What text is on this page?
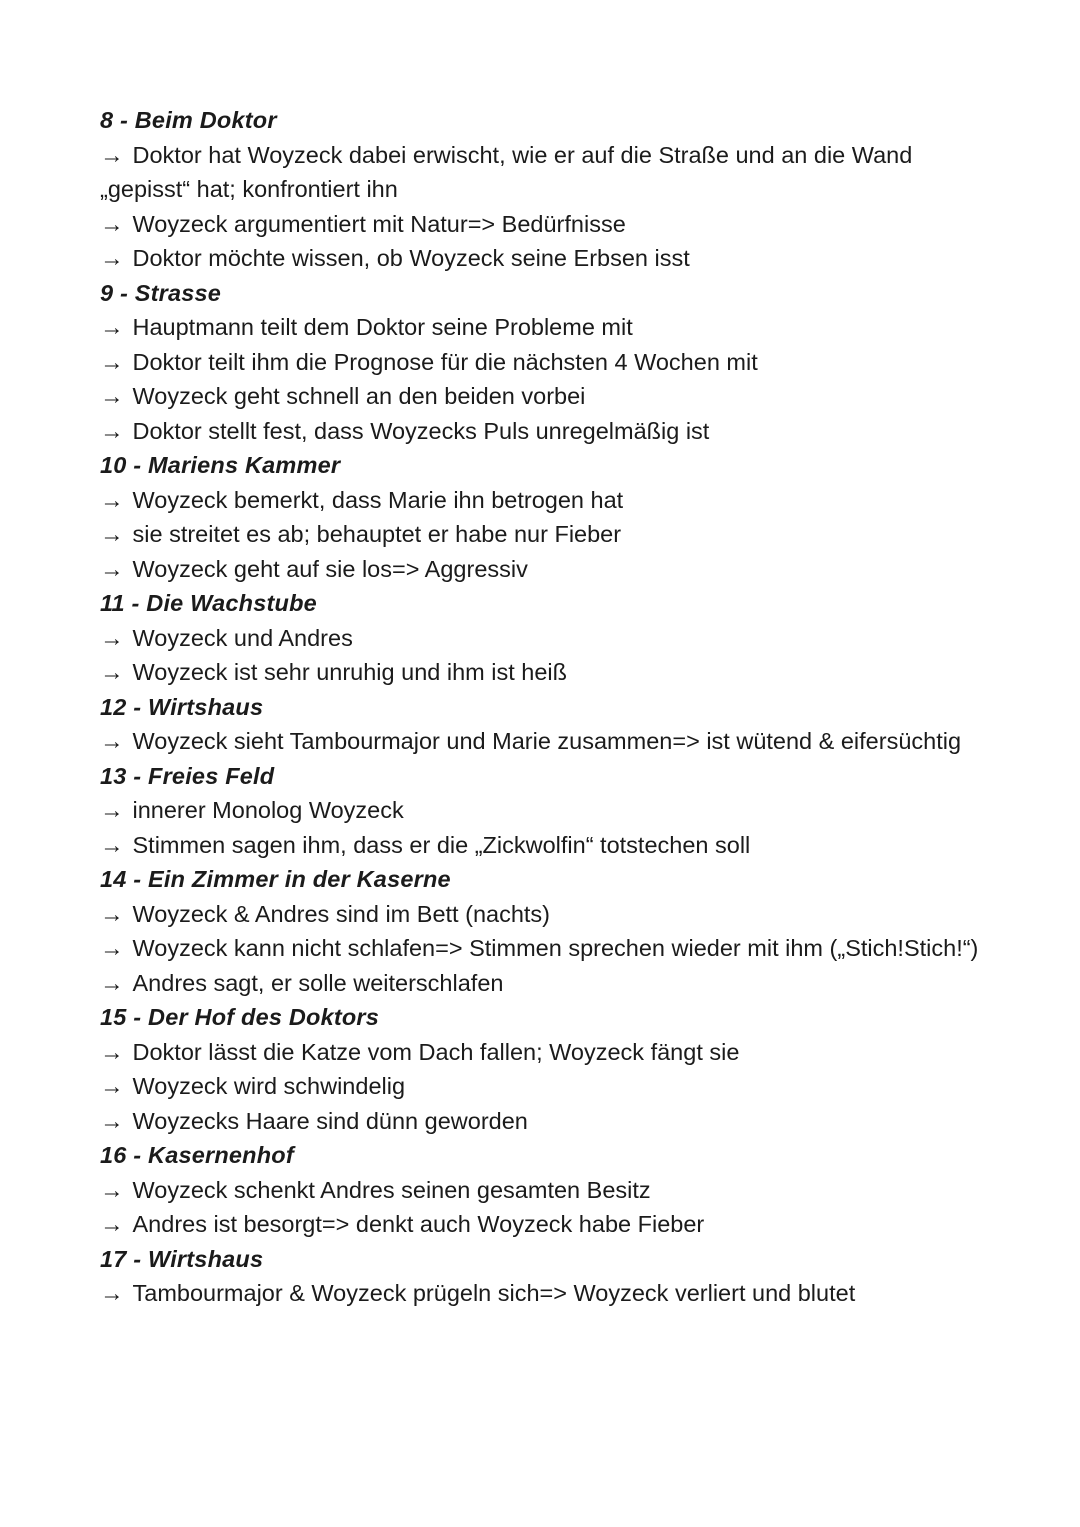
8 - Beim Doktor
→ Doktor hat Woyzeck dabei erwischt, wie er auf die Straße und an die Wand „gepisst“ hat; konfrontiert ihn
→ Woyzeck argumentiert mit Natur=> Bedürfnisse
→ Doktor möchte wissen, ob Woyzeck seine Erbsen isst
9 - Strasse
→ Hauptmann teilt dem Doktor seine Probleme mit
→ Doktor teilt ihm die Prognose für die nächsten 4 Wochen mit
→ Woyzeck geht schnell an den beiden vorbei
→ Doktor stellt fest, dass Woyzecks Puls unregelmäßig ist
10 - Mariens Kammer
→ Woyzeck bemerkt, dass Marie ihn betrogen hat
→ sie streitet es ab; behauptet er habe nur Fieber
→ Woyzeck geht auf sie los=> Aggressiv
11 - Die Wachstube
→ Woyzeck und Andres
→ Woyzeck ist sehr unruhig und ihm ist heiß
12 - Wirtshaus
→ Woyzeck sieht Tambourmajor und Marie zusammen=> ist wütend & eifersüchtig
13 - Freies Feld
→ innerer Monolog Woyzeck
→ Stimmen sagen ihm, dass er die „Zickwolfin“ totstechen soll
14 - Ein Zimmer in der Kaserne
→ Woyzeck & Andres sind im Bett (nachts)
→ Woyzeck kann nicht schlafen=> Stimmen sprechen wieder mit ihm („Stich!Stich!“)
→ Andres sagt, er solle weiterschlafen
15 - Der Hof des Doktors
→ Doktor lässt die Katze vom Dach fallen; Woyzeck fängt sie
→ Woyzeck wird schwindelig
→ Woyzecks Haare sind dünn geworden
16 - Kasernenhof
→ Woyzeck schenkt Andres seinen gesamten Besitz
→ Andres ist besorgt=> denkt auch Woyzeck habe Fieber
17 - Wirtshaus
→ Tambourmajor & Woyzeck prügeln sich=> Woyzeck verliert und blutet
